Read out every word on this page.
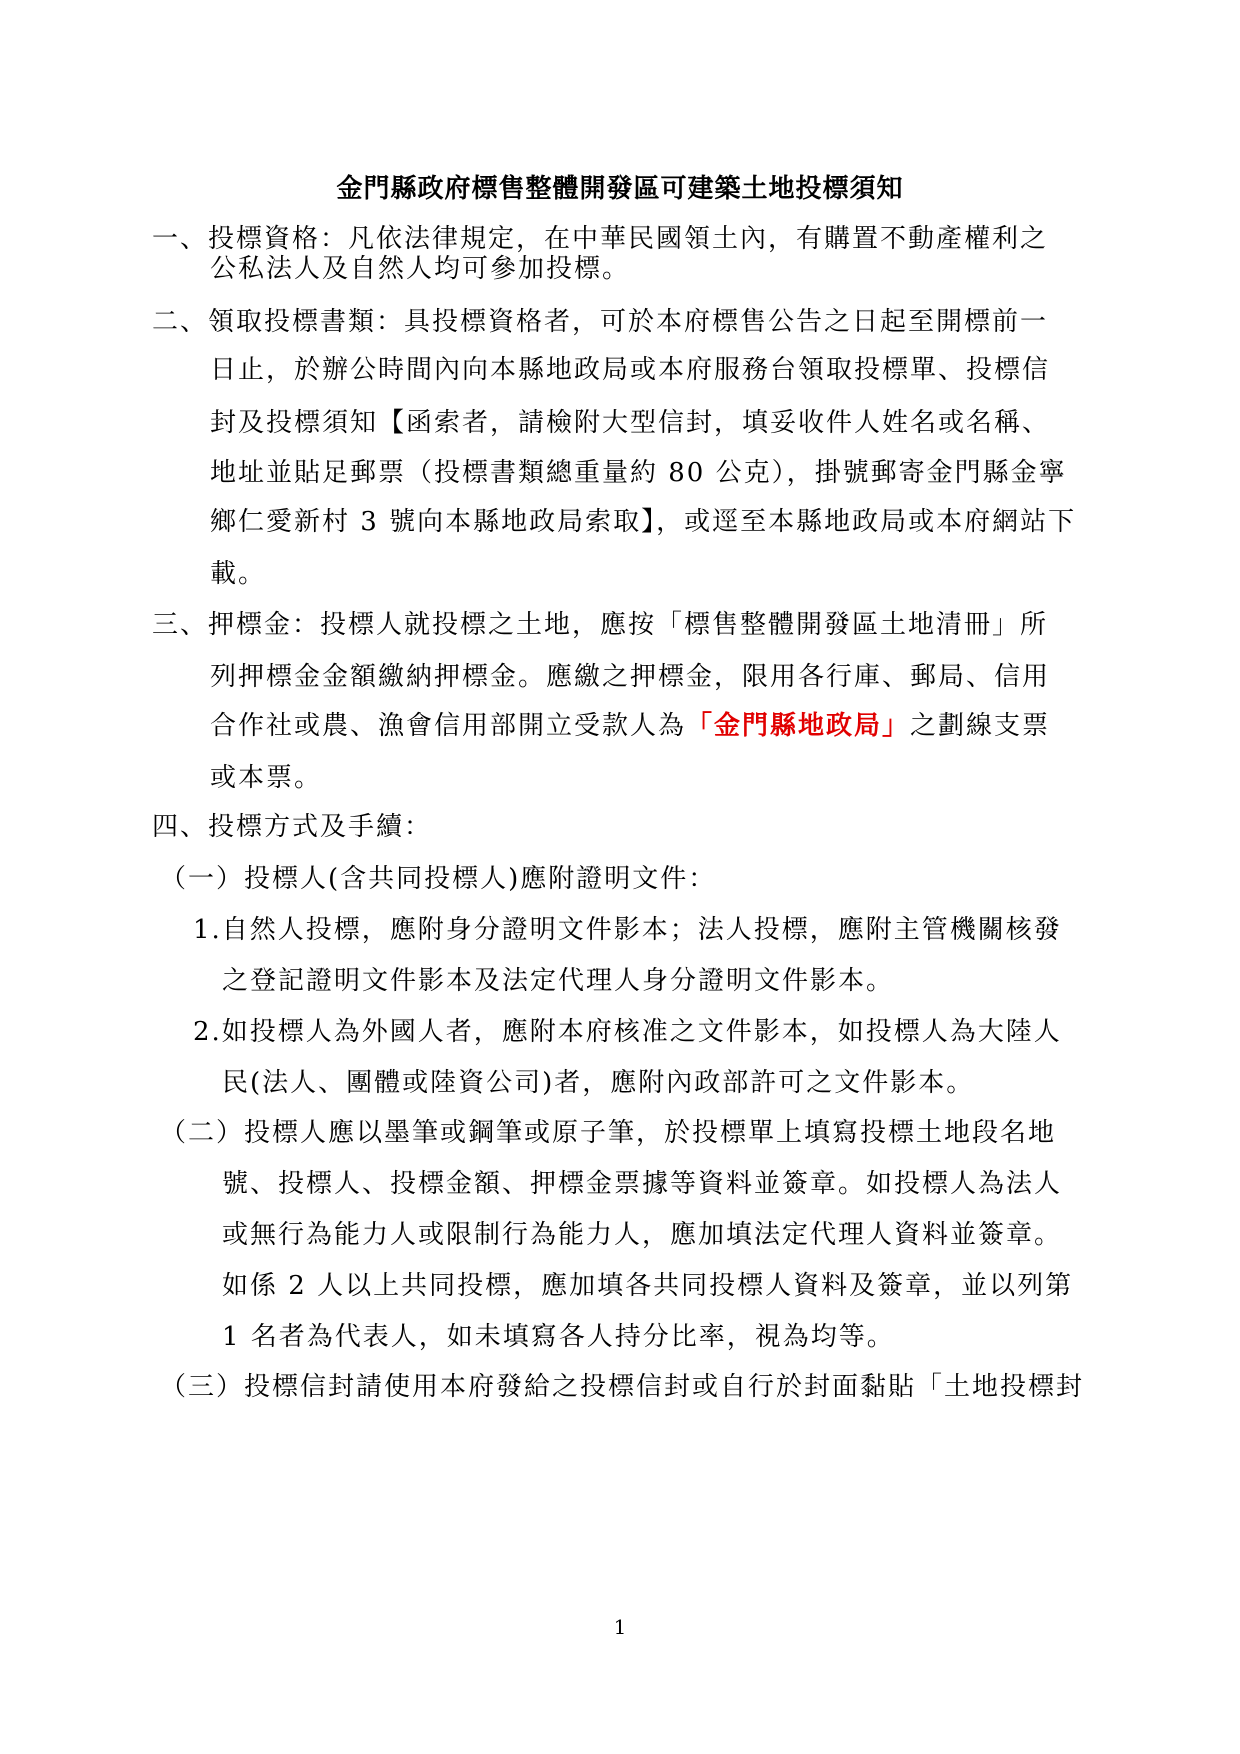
金門縣政府標售整體開發區可建築土地投標須知
一、投標資格：凡依法律規定，在中華民國領土內，有購置不動產權利之
公私法人及自然人均可參加投標。
二、領取投標書類：具投標資格者，可於本府標售公告之日起至開標前一
日止，於辦公時間內向本縣地政局或本府服務台領取投標單、投標信
封及投標須知【函索者，請檢附大型信封，填妥收件人姓名或名稱、
地址並貼足郵票（投標書類總重量約 80 公克），掛號郵寄金門縣金寧
鄉仁愛新村 3 號向本縣地政局索取】，或逕至本縣地政局或本府網站下
載。
三、押標金：投標人就投標之土地，應按「標售整體開發區土地清冊」所
列押標金金額繳納押標金。應繳之押標金，限用各行庫、郵局、信用
合作社或農、漁會信用部開立受款人為「金門縣地政局」之劃線支票
或本票。
四、投標方式及手續：
（一）投標人(含共同投標人)應附證明文件：
1.自然人投標，應附身分證明文件影本；法人投標，應附主管機關核發
之登記證明文件影本及法定代理人身分證明文件影本。
2.如投標人為外國人者，應附本府核准之文件影本，如投標人為大陸人
民(法人、團體或陸資公司)者，應附內政部許可之文件影本。
（二）投標人應以墨筆或鋼筆或原子筆，於投標單上填寫投標土地段名地
號、投標人、投標金額、押標金票據等資料並簽章。如投標人為法人
或無行為能力人或限制行為能力人，應加填法定代理人資料並簽章。
如係 2 人以上共同投標，應加填各共同投標人資料及簽章，並以列第
1 名者為代表人，如未填寫各人持分比率，視為均等。
（三）投標信封請使用本府發給之投標信封或自行於封面黏貼「土地投標封
1
